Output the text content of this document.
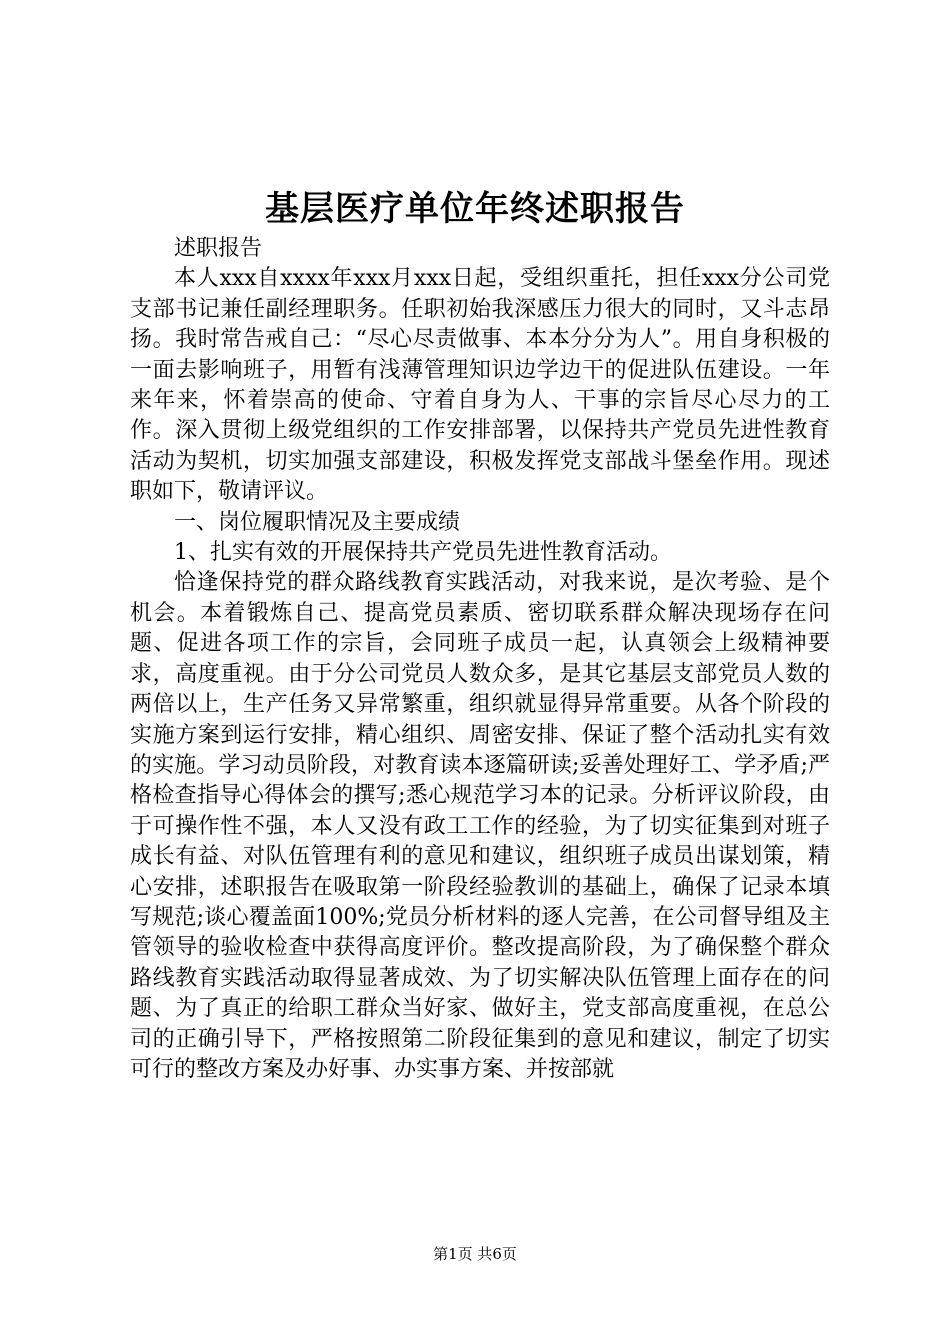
基层医疗单位年终述职报告

述职报告

本人xxx自xxxx年xxx月xxx日起，受组织重托，担任xxx分公司党支部书记兼任副经理职务。任职初始我深感压力很大的同时，又斗志昂扬。我时常告戒自己：“尽心尽责做事、本本分分为人”。用自身积极的一面去影响班子，用暂有浅薄管理知识边学边干的促进队伍建设。一年来年来，怀着崇高的使命、守着自身为人、干事的宗旨尽心尽力的工作。深入贯彻上级党组织的工作安排部署，以保持共产党员先进性教育活动为契机，切实加强支部建设，积极发挥党支部战斗堡垒作用。现述职如下，敬请评议。

一、岗位履职情况及主要成绩

1、扎实有效的开展保持共产党员先进性教育活动。

恰逢保持党的群众路线教育实践活动，对我来说，是次考验、是个机会。本着锻炼自己、提高党员素质、密切联系群众解决现场存在问题、促进各项工作的宗旨，会同班子成员一起，认真领会上级精神要求，高度重视。由于分公司党员人数众多，是其它基层支部党员人数的两倍以上，生产任务又异常繁重，组织就显得异常重要。从各个阶段的实施方案到运行安排，精心组织、周密安排、保证了整个活动扎实有效的实施。学习动员阶段，对教育读本逐篇研读;妥善处理好工、学矛盾;严格检查指导心得体会的撰写;悉心规范学习本的记录。分析评议阶段，由于可操作性不强，本人又没有政工工作的经验，为了切实征集到对班子成长有益、对队伍管理有利的意见和建议，组织班子成员出谋划策，精心安排，述职报告在吸取第一阶段经验教训的基础上，确保了记录本填写规范;谈心覆盖面100%;党员分析材料的逐人完善，在公司督导组及主管领导的验收检查中获得高度评价。整改提高阶段，为了确保整个群众路线教育实践活动取得显著成效、为了切实解决队伍管理上面存在的问题、为了真正的给职工群众当好家、做好主，党支部高度重视，在总公司的正确引导下，严格按照第二阶段征集到的意见和建议，制定了切实可行的整改方案及办好事、办实事方案、并按部就

第1页 共6页
